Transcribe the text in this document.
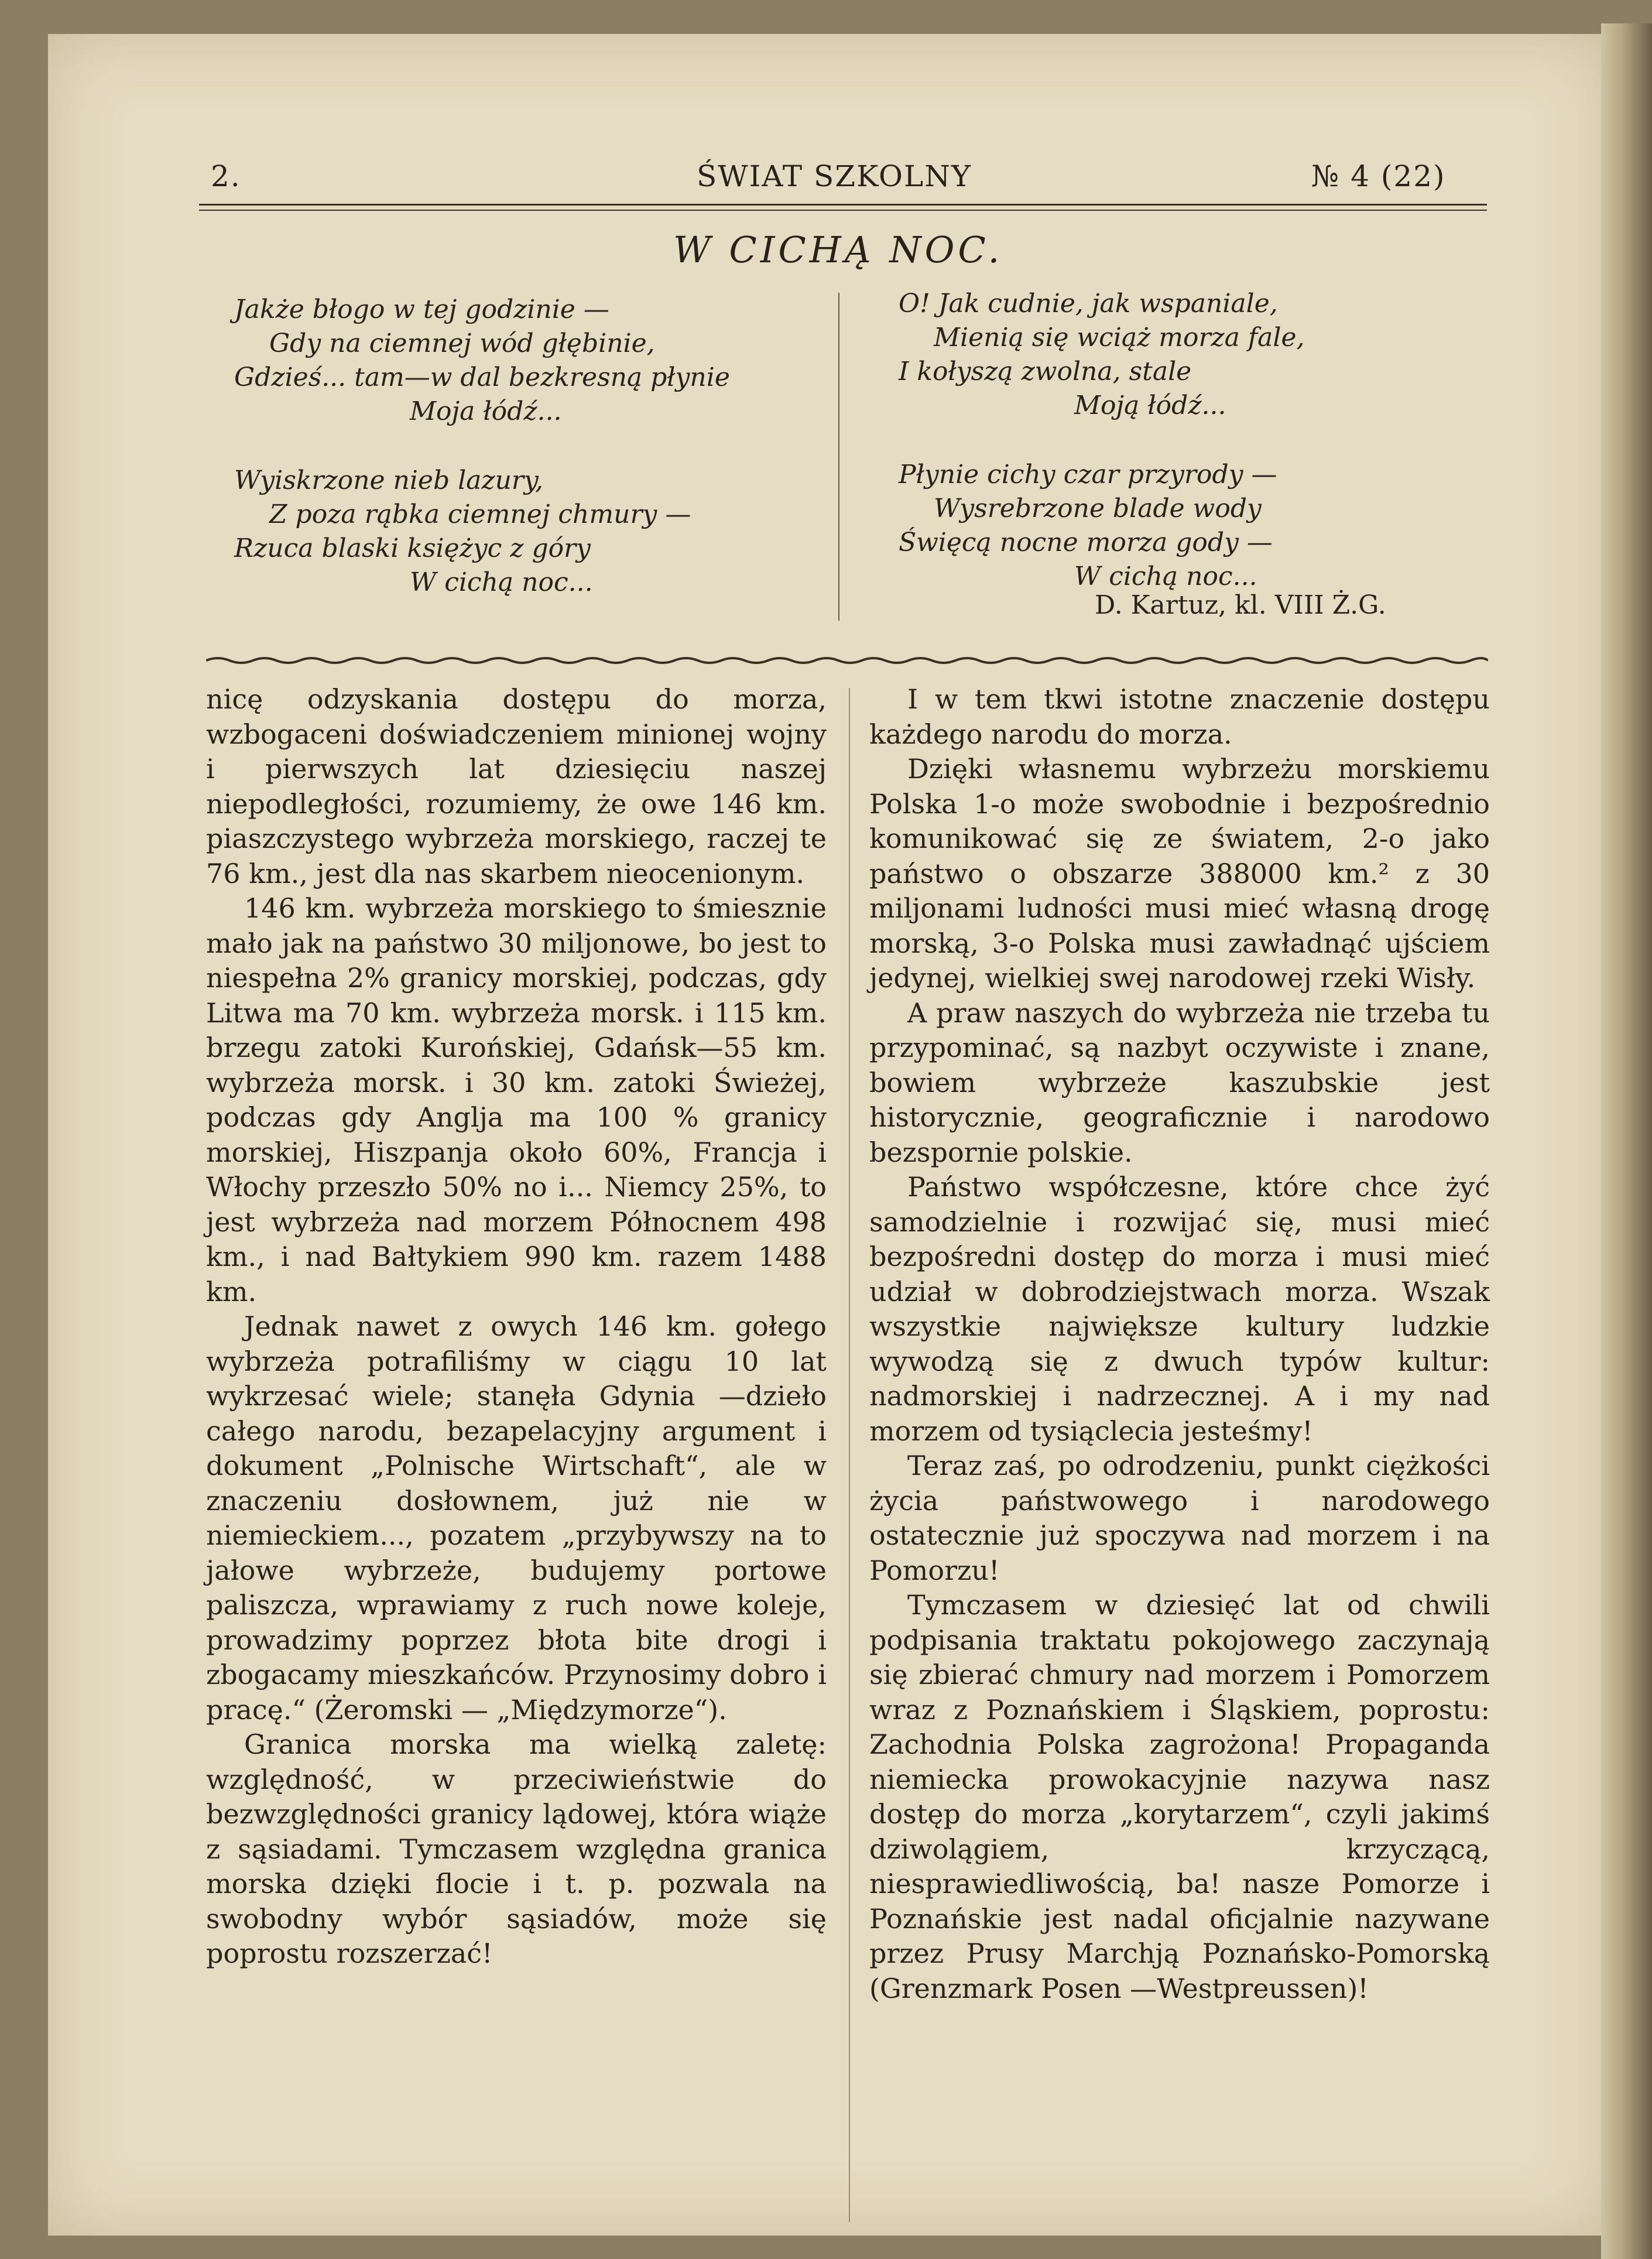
2.	ŚWIAT SZKOLNY	№ 4 (22)
W CICHĄ NOC.
Jakże błogo w tej godzinie —
Gdy na ciemnej wód głębinie,
Gdzieś... tam—w dal bezkresną płynie
Moja łódź...
Wyiskrzone nieb lazury,
Z poza rąbka ciemnej chmury —
Rzuca blaski księżyc z góry
W cichą noc...
O! Jak cudnie, jak wspaniale,
Mienią się wciąż morza fale,
I kołyszą zwolna, stale
Moją łódź...
Płynie cichy czar przyrody —
Wysrebrzone blade wody
Święcą nocne morza gody —
W cichą noc...
D. Kartuz, kl. VIII Ż.G.

nicę odzyskania dostępu do morza, wzbogaceni doświadczeniem minionej wojny i pierwszych lat dziesięciu naszej niepodległości, rozumiemy, że owe 146 km. piaszczystego wybrzeża morskiego, raczej te 76 km., jest dla nas skarbem nieocenionym.

146 km. wybrzeża morskiego to śmiesznie mało jak na państwo 30 miljonowe, bo jest to niespełna 2% granicy morskiej, podczas, gdy Litwa ma 70 km. wybrzeża morsk. i 115 km. brzegu zatoki Kurońskiej, Gdańsk—55 km. wybrzeża morsk. i 30 km. zatoki Świeżej, podczas gdy Anglja ma 100 % granicy morskiej, Hiszpanja około 60%, Francja i Włochy przeszło 50% no i... Niemcy 25%, to jest wybrzeża nad morzem Północnem 498 km., i nad Bałtykiem 990 km. razem 1488 km.

Jednak nawet z owych 146 km. gołego wybrzeża potrafiliśmy w ciągu 10 lat wykrzesać wiele; stanęła Gdynia —dzieło całego narodu, bezapelacyjny argument i dokument „Polnische Wirtschaft“, ale w znaczeniu dosłownem, już nie w niemieckiem..., pozatem „przybywszy na to jałowe wybrzeże, budujemy portowe paliszcza, wprawiamy z ruch nowe koleje, prowadzimy poprzez błota bite drogi i zbogacamy mieszkańców. Przynosimy dobro i pracę.“ (Żeromski — „Międzymorze“).

Granica morska ma wielką zaletę: względność, w przeciwieństwie do bezwzględności granicy lądowej, która wiąże z sąsiadami. Tymczasem względna granica morska dzięki flocie i t. p. pozwala na swobodny wybór sąsiadów, może się poprostu rozszerzać!

I w tem tkwi istotne znaczenie dostępu każdego narodu do morza.

Dzięki własnemu wybrzeżu morskiemu Polska 1-o może swobodnie i bezpośrednio komunikować się ze światem, 2-o jako państwo o obszarze 388000 km.² z 30 miljonami ludności musi mieć własną drogę morską, 3-o Polska musi zawładnąć ujściem jedynej, wielkiej swej narodowej rzeki Wisły.

A praw naszych do wybrzeża nie trzeba tu przypominać, są nazbyt oczywiste i znane, bowiem wybrzeże kaszubskie jest historycznie, geograficznie i narodowo bezspornie polskie.

Państwo współczesne, które chce żyć samodzielnie i rozwijać się, musi mieć bezpośredni dostęp do morza i musi mieć udział w dobrodziejstwach morza. Wszak wszystkie największe kultury ludzkie wywodzą się z dwuch typów kultur: nadmorskiej i nadrzecznej. A i my nad morzem od tysiąclecia jesteśmy!

Teraz zaś, po odrodzeniu, punkt ciężkości życia państwowego i narodowego ostatecznie już spoczywa nad morzem i na Pomorzu!

Tymczasem w dziesięć lat od chwili podpisania traktatu pokojowego zaczynają się zbierać chmury nad morzem i Pomorzem wraz z Poznańskiem i Śląskiem, poprostu: Zachodnia Polska zagrożona! Propaganda niemiecka prowokacyjnie nazywa nasz dostęp do morza „korytarzem“, czyli jakimś dziwolągiem, krzyczącą, niesprawiedliwością, ba! nasze Pomorze i Poznańskie jest nadal oficjalnie nazywane przez Prusy Marchją Poznańsko-Pomorską (Grenzmark Posen —Westpreussen)!
